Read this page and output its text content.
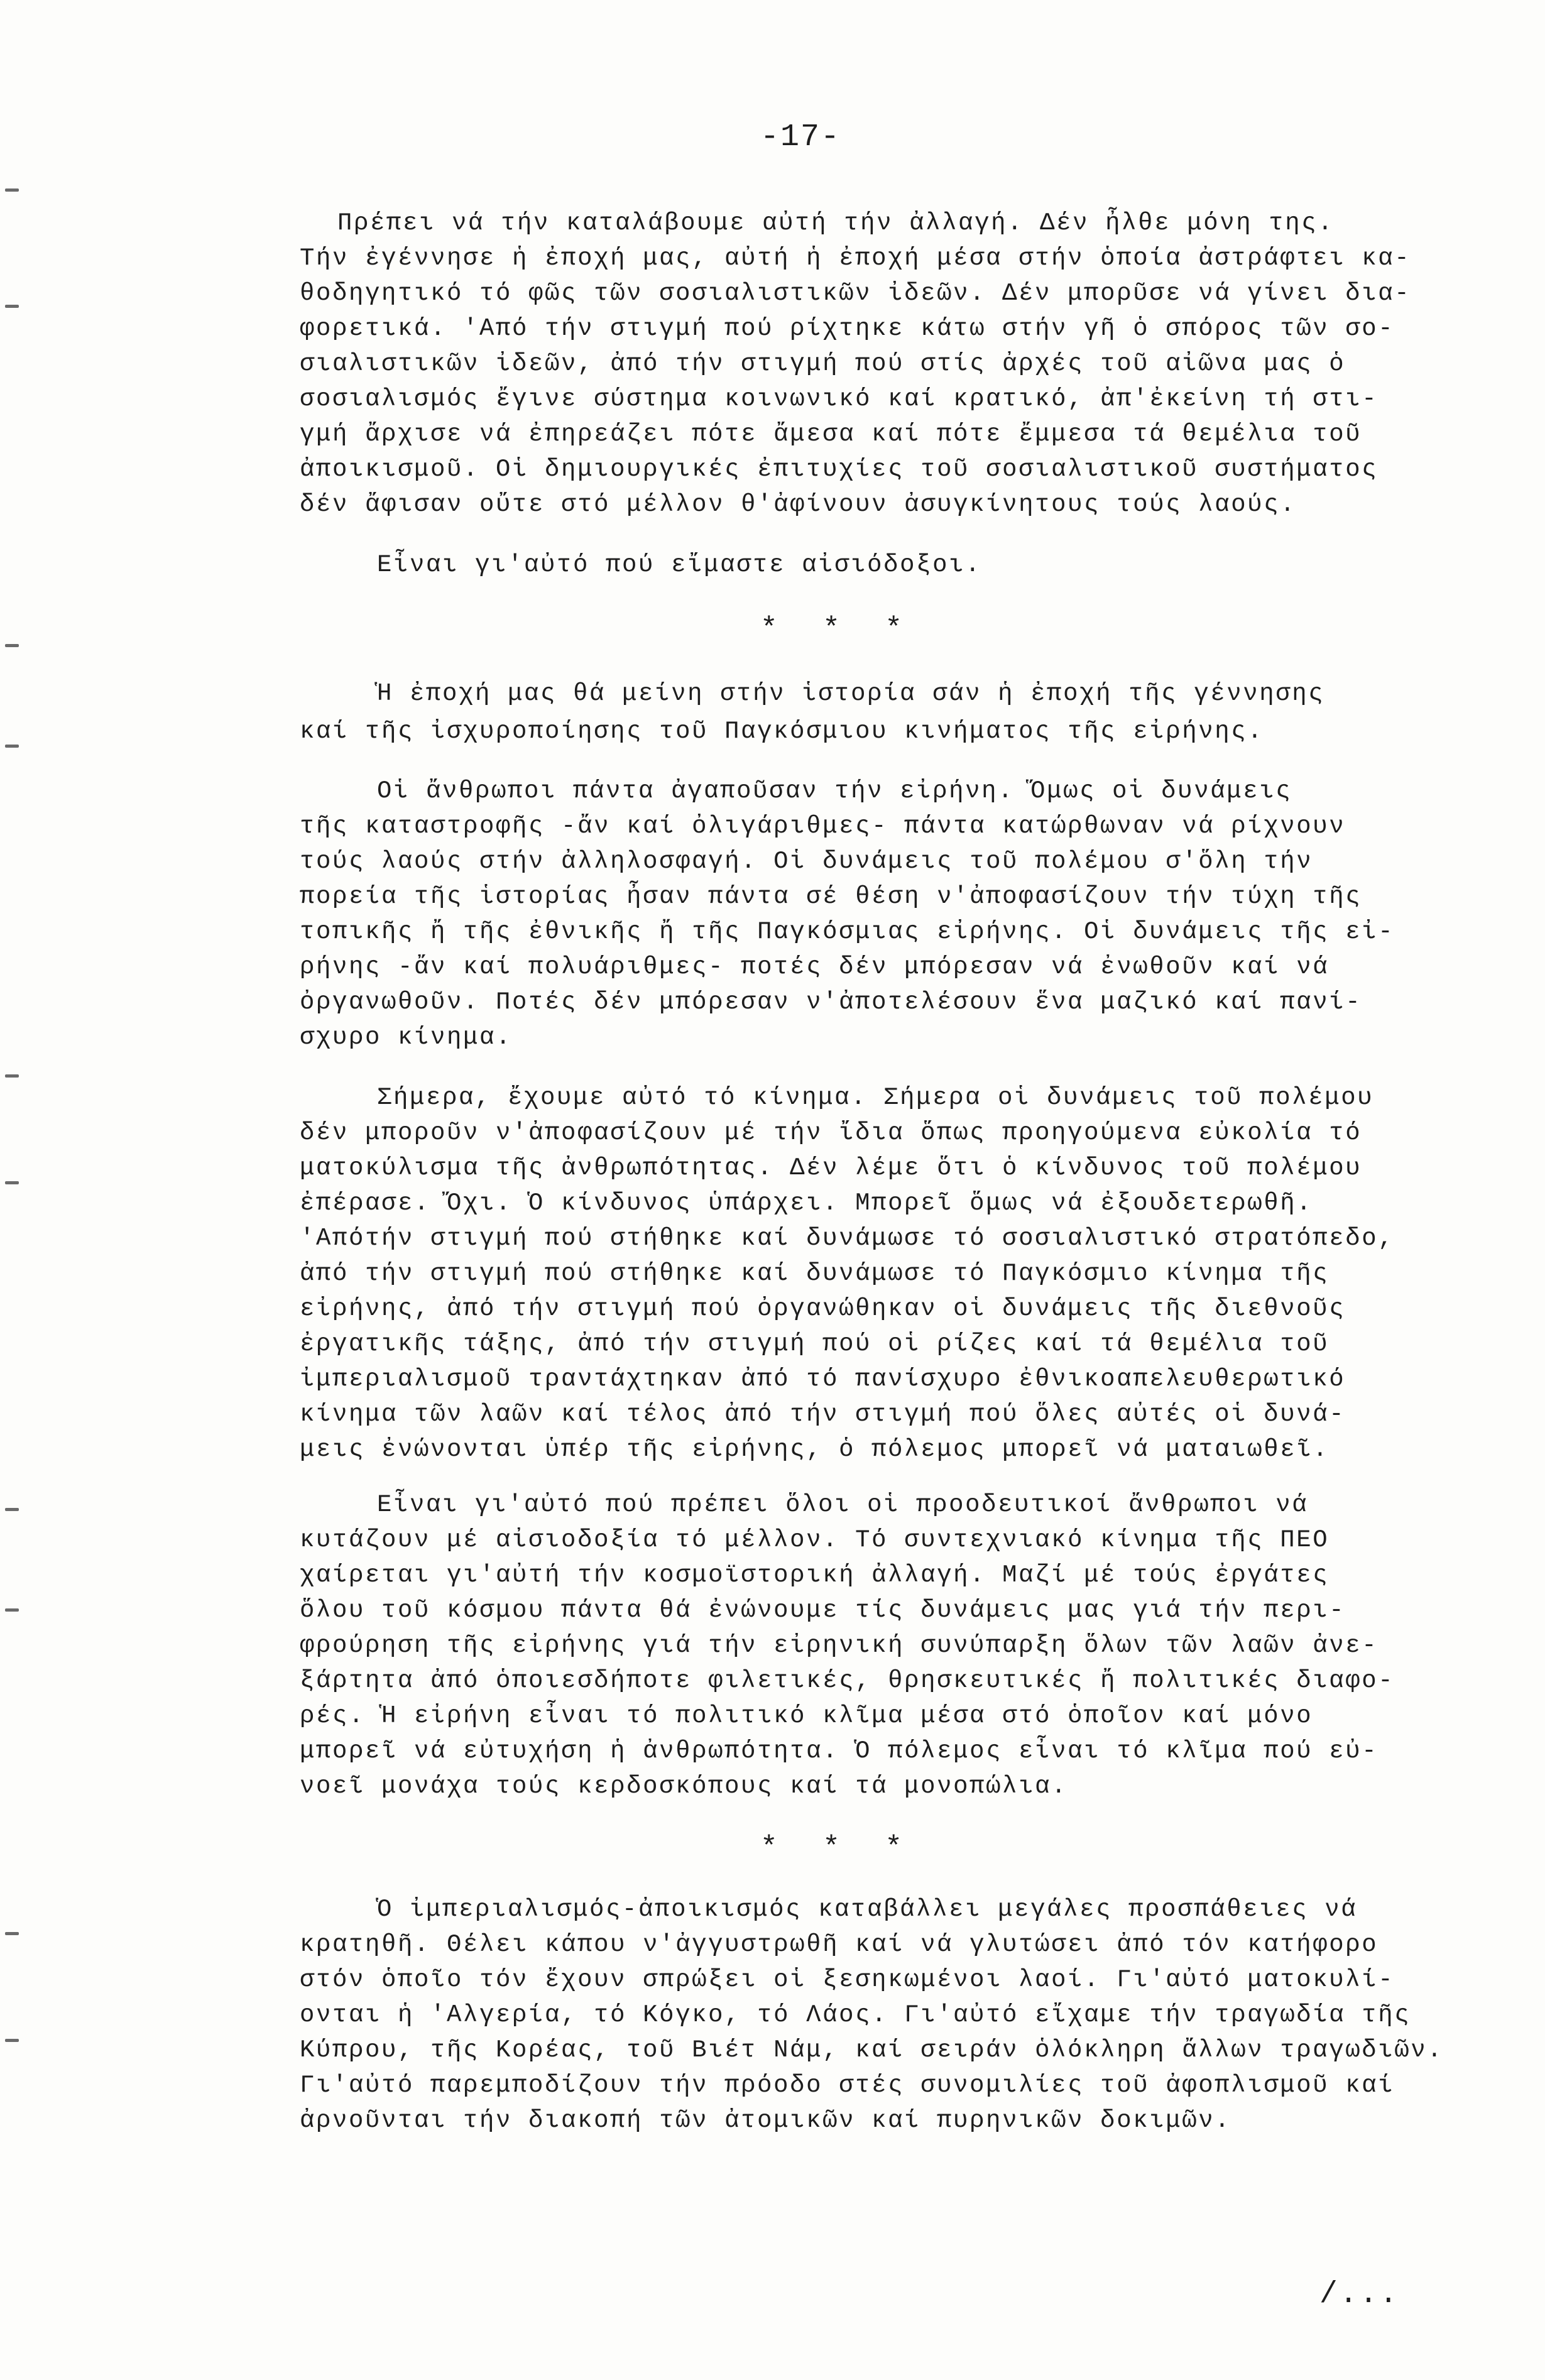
-17-
Πρέπει νά τήν καταλάβουμε αὐτή τήν ἀλλαγή. Δέν ἦλθε μόνη της.
Τήν ἐγέννησε ἡ ἐποχή μας, αὐτή ἡ ἐποχή μέσα στήν ὁποία ἀστράφτει κα-
θοδηγητικό τό φῶς τῶν σοσιαλιστικῶν ἰδεῶν. Δέν μπορῦσε νά γίνει δια-
φορετικά. 'Από τήν στιγμή πού ρίχτηκε κάτω στήν γῆ ὁ σπόρος τῶν σο-
σιαλιστικῶν ἰδεῶν, ἀπό τήν στιγμή πού στίς ἀρχές τοῦ αἰῶνα μας ὁ
σοσιαλισμός ἔγινε σύστημα κοινωνικό καί κρατικό, ἀπ'ἐκείνη τή στι-
γμή ἄρχισε νά ἐπηρεάζει πότε ἄμεσα καί πότε ἔμμεσα τά θεμέλια τοῦ
ἀποικισμοῦ. Οἱ δημιουργικές ἐπιτυχίες τοῦ σοσιαλιστικοῦ συστήματος
δέν ἄφισαν οὔτε στό μέλλον θ'ἀφίνουν ἀσυγκίνητους τούς λαούς.
Εἶναι γι'αὐτό πού εἴμαστε αἰσιόδοξοι.
* * *
Ἡ ἐποχή μας θά μείνη στήν ἱστορία σάν ἡ ἐποχή τῆς γέννησης
καί τῆς ἰσχυροποίησης τοῦ Παγκόσμιου κινήματος τῆς εἰρήνης.
Οἱ ἄνθρωποι πάντα ἀγαποῦσαν τήν εἰρήνη. Ὅμως οἱ δυνάμεις
τῆς καταστροφῆς -ἄν καί ὀλιγάριθμες- πάντα κατώρθωναν νά ρίχνουν
τούς λαούς στήν ἀλληλοσφαγή. Οἱ δυνάμεις τοῦ πολέμου σ'ὅλη τήν
πορεία τῆς ἱστορίας ἦσαν πάντα σέ θέση ν'ἀποφασίζουν τήν τύχη τῆς
τοπικῆς ἤ τῆς ἐθνικῆς ἤ τῆς Παγκόσμιας εἰρήνης. Οἱ δυνάμεις τῆς εἰ-
ρήνης -ἄν καί πολυάριθμες- ποτές δέν μπόρεσαν νά ἐνωθοῦν καί νά
ὀργανωθοῦν. Ποτές δέν μπόρεσαν ν'ἀποτελέσουν ἕνα μαζικό καί πανί-
σχυρο κίνημα.
Σήμερα, ἔχουμε αὐτό τό κίνημα. Σήμερα οἱ δυνάμεις τοῦ πολέμου
δέν μποροῦν ν'ἀποφασίζουν μέ τήν ἴδια ὅπως προηγούμενα εὐκολία τό
ματοκύλισμα τῆς ἀνθρωπότητας. Δέν λέμε ὅτι ὁ κίνδυνος τοῦ πολέμου
ἐπέρασε. Ὄχι. Ὁ κίνδυνος ὑπάρχει. Μπορεῖ ὅμως νά ἐξουδετερωθῆ.
'Απότήν στιγμή πού στήθηκε καί δυνάμωσε τό σοσιαλιστικό στρατόπεδο,
ἀπό τήν στιγμή πού στήθηκε καί δυνάμωσε τό Παγκόσμιο κίνημα τῆς
εἰρήνης, ἀπό τήν στιγμή πού ὀργανώθηκαν οἱ δυνάμεις τῆς διεθνοῦς
ἐργατικῆς τάξης, ἀπό τήν στιγμή πού οἱ ρίζες καί τά θεμέλια τοῦ
ἰμπεριαλισμοῦ τραντάχτηκαν ἀπό τό πανίσχυρο ἐθνικοαπελευθερωτικό
κίνημα τῶν λαῶν καί τέλος ἀπό τήν στιγμή πού ὅλες αὐτές οἱ δυνά-
μεις ἐνώνονται ὑπέρ τῆς εἰρήνης, ὁ πόλεμος μπορεῖ νά ματαιωθεῖ.
Εἶναι γι'αὐτό πού πρέπει ὅλοι οἱ προοδευτικοί ἄνθρωποι νά
κυτάζουν μέ αἰσιοδοξία τό μέλλον. Τό συντεχνιακό κίνημα τῆς ΠΕΟ
χαίρεται γι'αὐτή τήν κοσμοϊστορική ἀλλαγή. Μαζί μέ τούς ἐργάτες
ὅλου τοῦ κόσμου πάντα θά ἐνώνουμε τίς δυνάμεις μας γιά τήν περι-
φρούρηση τῆς εἰρήνης γιά τήν εἰρηνική συνύπαρξη ὅλων τῶν λαῶν ἀνε-
ξάρτητα ἀπό ὁποιεσδήποτε φιλετικές, θρησκευτικές ἤ πολιτικές διαφο-
ρές. Ἡ εἰρήνη εἶναι τό πολιτικό κλῖμα μέσα στό ὁποῖον καί μόνο
μπορεῖ νά εὐτυχήση ἡ ἀνθρωπότητα. Ὁ πόλεμος εἶναι τό κλῖμα πού εὐ-
νοεῖ μονάχα τούς κερδοσκόπους καί τά μονοπώλια.
* * *
Ὁ ἰμπεριαλισμός-ἀποικισμός καταβάλλει μεγάλες προσπάθειες νά
κρατηθῆ. Θέλει κάπου ν'ἀγγυστρωθῆ καί νά γλυτώσει ἀπό τόν κατήφορο
στόν ὁποῖο τόν ἔχουν σπρώξει οἱ ξεσηκωμένοι λαοί. Γι'αὐτό ματοκυλί-
ονται ἡ 'Αλγερία, τό Κόγκο, τό Λάος. Γι'αὐτό εἴχαμε τήν τραγωδία τῆς
Κύπρου, τῆς Κορέας, τοῦ Βιέτ Νάμ, καί σειράν ὁλόκληρη ἄλλων τραγωδιῶν.
Γι'αὐτό παρεμποδίζουν τήν πρόοδο στές συνομιλίες τοῦ ἀφοπλισμοῦ καί
ἀρνοῦνται τήν διακοπή τῶν ἀτομικῶν καί πυρηνικῶν δοκιμῶν.
/...
